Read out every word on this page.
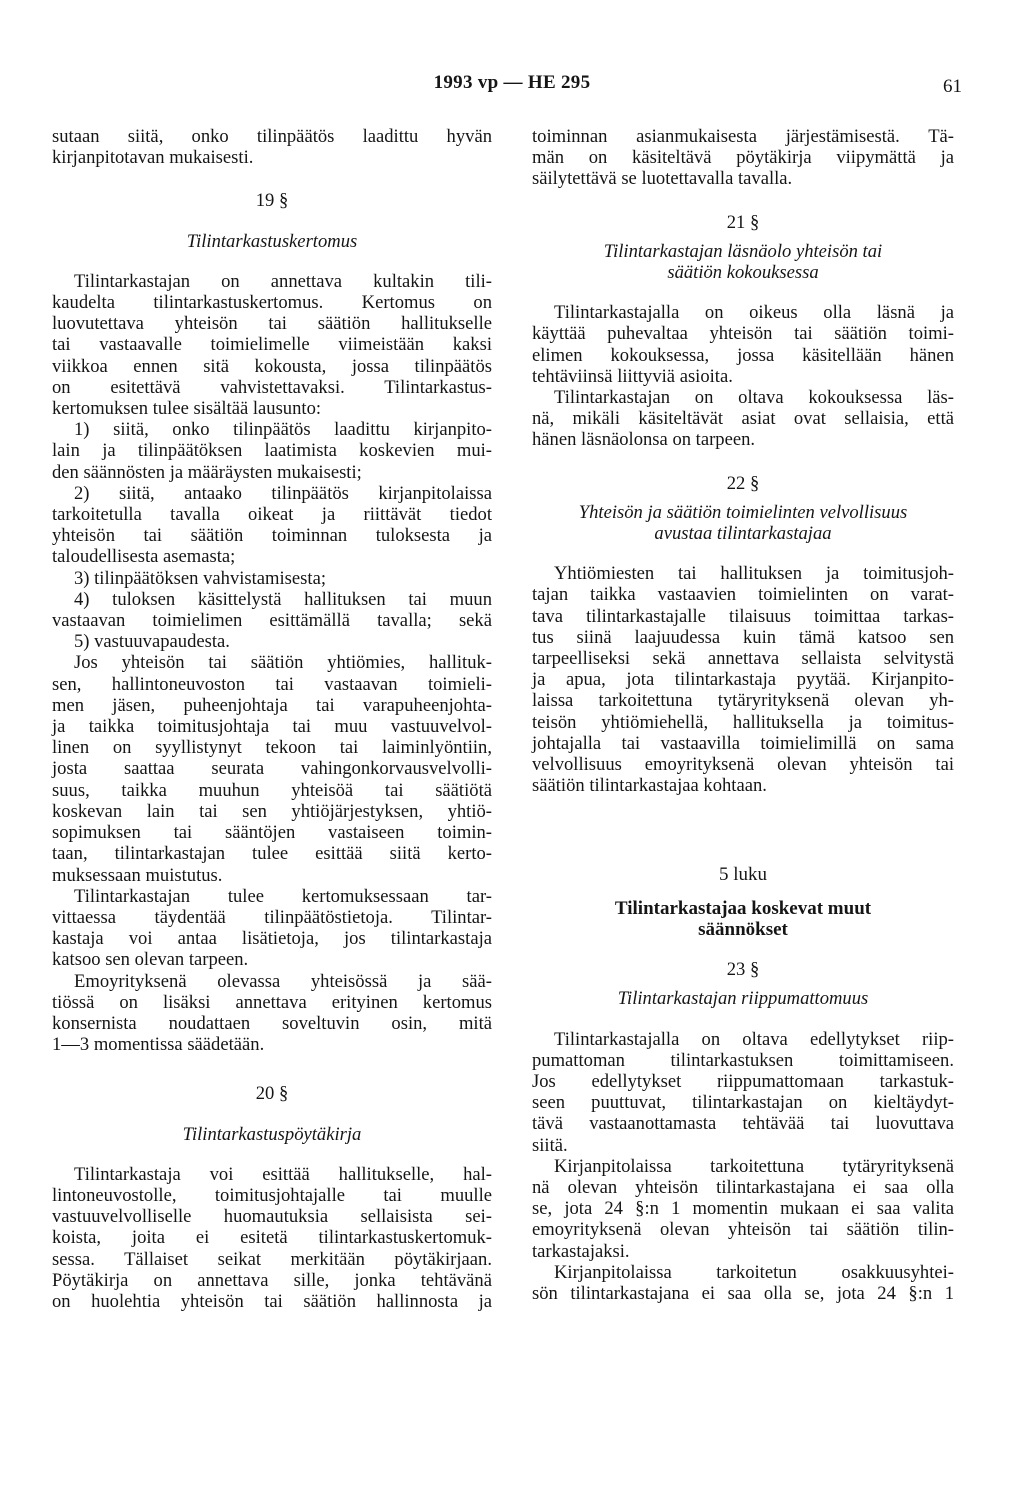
1993 vp — HE 295	61
sutaan siitä, onko tilinpäätös laadittu hyvän
kirjanpitotavan mukaisesti.
19 §
Tilintarkastuskertomus
Tilintarkastajan on annettava kultakin tili-
kaudelta tilintarkastuskertomus. Kertomus on
luovutettava yhteisön tai säätiön hallitukselle
tai vastaavalle toimielimelle viimeistään kaksi
viikkoa ennen sitä kokousta, jossa tilinpäätös
on esitettävä vahvistettavaksi. Tilintarkastus-
kertomuksen tulee sisältää lausunto:
1) siitä, onko tilinpäätös laadittu kirjanpito-
lain ja tilinpäätöksen laatimista koskevien mui-
den säännösten ja määräysten mukaisesti;
2) siitä, antaako tilinpäätös kirjanpitolaissa
tarkoitetulla tavalla oikeat ja riittävät tiedot
yhteisön tai säätiön toiminnan tuloksesta ja
taloudellisesta asemasta;
3) tilinpäätöksen vahvistamisesta;
4) tuloksen käsittelystä hallituksen tai muun
vastaavan toimielimen esittämällä tavalla; sekä
5) vastuuvapaudesta.
Jos yhteisön tai säätiön yhtiömies, hallituk-
sen, hallintoneuvoston tai vastaavan toimieli-
men jäsen, puheenjohtaja tai varapuheenjohta-
ja taikka toimitusjohtaja tai muu vastuuvelvol-
linen on syyllistynyt tekoon tai laiminlyöntiin,
josta saattaa seurata vahingonkorvausvelvolli-
suus, taikka muuhun yhteisöä tai säätiötä
koskevan lain tai sen yhtiöjärjestyksen, yhtiö-
sopimuksen tai sääntöjen vastaiseen toimin-
taan, tilintarkastajan tulee esittää siitä kerto-
muksessaan muistutus.
Tilintarkastajan tulee kertomuksessaan tar-
vittaessa täydentää tilinpäätöstietoja. Tilintar-
kastaja voi antaa lisätietoja, jos tilintarkastaja
katsoo sen olevan tarpeen.
Emoyrityksenä olevassa yhteisössä ja sää-
tiössä on lisäksi annettava erityinen kertomus
konsernista noudattaen soveltuvin osin, mitä
1—3 momentissa säädetään.
20 §
Tilintarkastuspöytäkirja
Tilintarkastaja voi esittää hallitukselle, hal-
lintoneuvostolle, toimitusjohtajalle tai muulle
vastuuvelvolliselle huomautuksia sellaisista sei-
koista, joita ei esitetä tilintarkastuskertomuk-
sessa. Tällaiset seikat merkitään pöytäkirjaan.
Pöytäkirja on annettava sille, jonka tehtävänä
on huolehtia yhteisön tai säätiön hallinnosta ja
toiminnan asianmukaisesta järjestämisestä. Tä-
män on käsiteltävä pöytäkirja viipymättä ja
säilytettävä se luotettavalla tavalla.
21 §
Tilintarkastajan läsnäolo yhteisön tai
säätiön kokouksessa
Tilintarkastajalla on oikeus olla läsnä ja
käyttää puhevaltaa yhteisön tai säätiön toimi-
elimen kokouksessa, jossa käsitellään hänen
tehtäviinsä liittyviä asioita.
Tilintarkastajan on oltava kokouksessa läs-
nä, mikäli käsiteltävät asiat ovat sellaisia, että
hänen läsnäolonsa on tarpeen.
22 §
Yhteisön ja säätiön toimielinten velvollisuus
avustaa tilintarkastajaa
Yhtiömiesten tai hallituksen ja toimitusjoh-
tajan taikka vastaavien toimielinten on varat-
tava tilintarkastajalle tilaisuus toimittaa tarkas-
tus siinä laajuudessa kuin tämä katsoo sen
tarpeelliseksi sekä annettava sellaista selvitystä
ja apua, jota tilintarkastaja pyytää. Kirjanpito-
laissa tarkoitettuna tytäryrityksenä olevan yh-
teisön yhtiömiehellä, hallituksella ja toimitus-
johtajalla tai vastaavilla toimielimillä on sama
velvollisuus emoyrityksenä olevan yhteisön tai
säätiön tilintarkastajaa kohtaan.
5 luku
Tilintarkastajaa koskevat muut
säännökset
23 §
Tilintarkastajan riippumattomuus
Tilintarkastajalla on oltava edellytykset riip-
pumattoman tilintarkastuksen toimittamiseen.
Jos edellytykset riippumattomaan tarkastuk-
seen puuttuvat, tilintarkastajan on kieltäydyt-
tävä vastaanottamasta tehtävää tai luovuttava
siitä.
Kirjanpitolaissa tarkoitettuna tytäryrityksenä
nä olevan yhteisön tilintarkastajana ei saa olla
se, jota 24 §:n 1 momentin mukaan ei saa valita
emoyrityksenä olevan yhteisön tai säätiön tilin-
tarkastajaksi.
Kirjanpitolaissa tarkoitetun osakkuusyhtei-
sön tilintarkastajana ei saa olla se, jota 24 §:n 1
